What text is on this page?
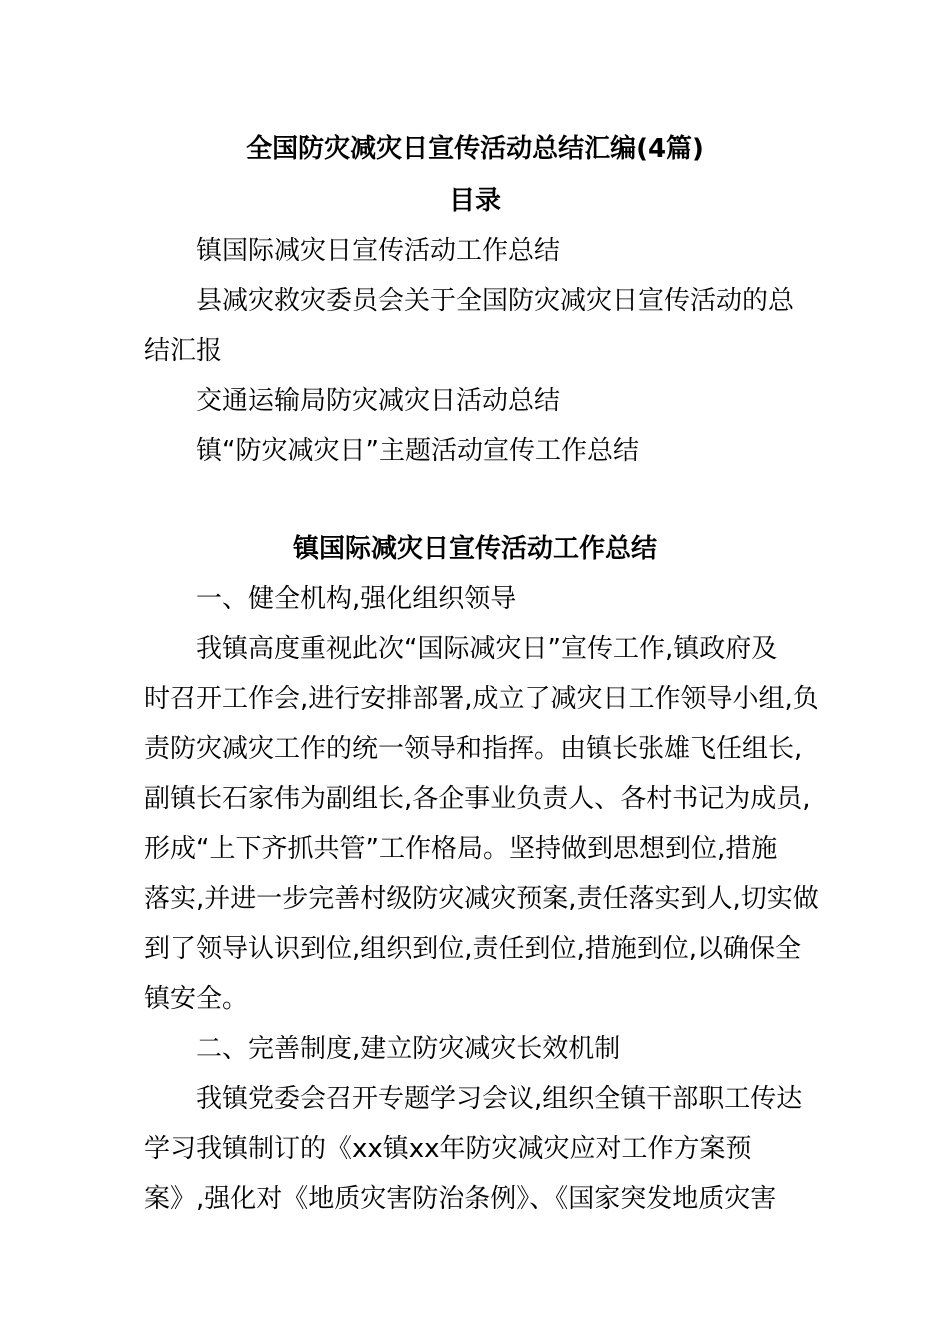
全国防灾减灾日宣传活动总结汇编(4篇)
目录
镇国际减灾日宣传活动工作总结
县减灾救灾委员会关于全国防灾减灾日宣传活动的总
结汇报
交通运输局防灾减灾日活动总结
镇“防灾减灾日”主题活动宣传工作总结
镇国际减灾日宣传活动工作总结
一、健全机构,强化组织领导
我镇高度重视此次“国际减灾日”宣传工作,镇政府及
时召开工作会,进行安排部署,成立了减灾日工作领导小组,负
责防灾减灾工作的统一领导和指挥。由镇长张雄飞任组长,
副镇长石家伟为副组长,各企事业负责人、各村书记为成员,
形成“上下齐抓共管”工作格局。坚持做到思想到位,措施
落实,并进一步完善村级防灾减灾预案,责任落实到人,切实做
到了领导认识到位,组织到位,责任到位,措施到位,以确保全
镇安全。
二、完善制度,建立防灾减灾长效机制
我镇党委会召开专题学习会议,组织全镇干部职工传达
学习我镇制订的《xx镇xx年防灾减灾应对工作方案预
案》,强化对《地质灾害防治条例》、《国家突发地质灾害
